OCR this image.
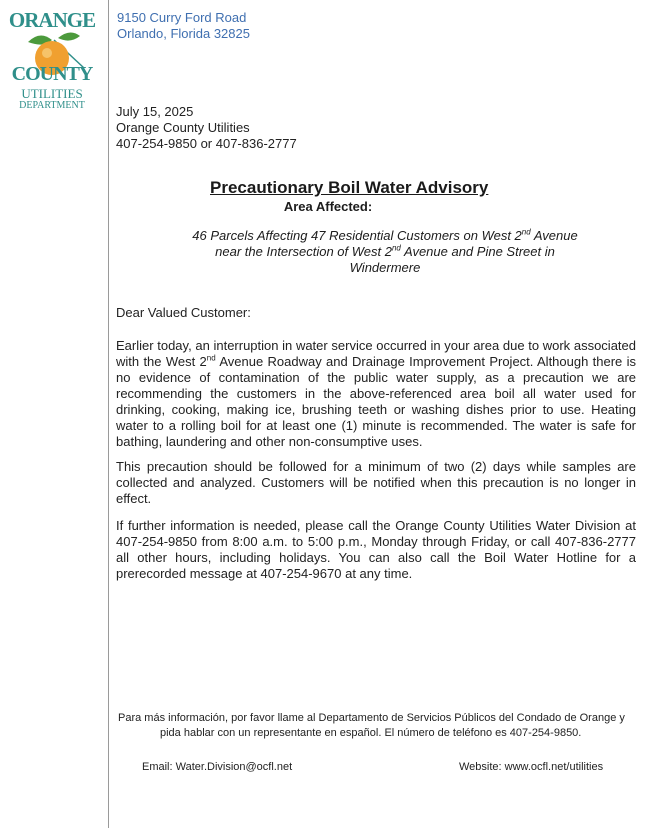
ORANGE
COUNTY
UTILITIES
DEPARTMENT
9150 Curry Ford Road
Orlando, Florida 32825
July 15, 2025
Orange County Utilities
407-254-9850 or 407-836-2777
Precautionary Boil Water Advisory
Area Affected:
46 Parcels Affecting 47 Residential Customers on West 2nd Avenue near the Intersection of West 2nd Avenue and Pine Street in Windermere
Dear Valued Customer:
Earlier today, an interruption in water service occurred in your area due to work associated with the West 2nd Avenue Roadway and Drainage Improvement Project. Although there is no evidence of contamination of the public water supply, as a precaution we are recommending the customers in the above-referenced area boil all water used for drinking, cooking, making ice, brushing teeth or washing dishes prior to use. Heating water to a rolling boil for at least one (1) minute is recommended. The water is safe for bathing, laundering and other non-consumptive uses.
This precaution should be followed for a minimum of two (2) days while samples are collected and analyzed. Customers will be notified when this precaution is no longer in effect.
If further information is needed, please call the Orange County Utilities Water Division at 407-254-9850 from 8:00 a.m. to 5:00 p.m., Monday through Friday, or call 407-836-2777 all other hours, including holidays. You can also call the Boil Water Hotline for a prerecorded message at 407-254-9670 at any time.
Para más información, por favor llame al Departamento de Servicios Públicos del Condado de Orange y
pida hablar con un representante en español. El número de teléfono es 407-254-9850.
Email: Water.Division@ocfl.net	Website: www.ocfl.net/utilities
